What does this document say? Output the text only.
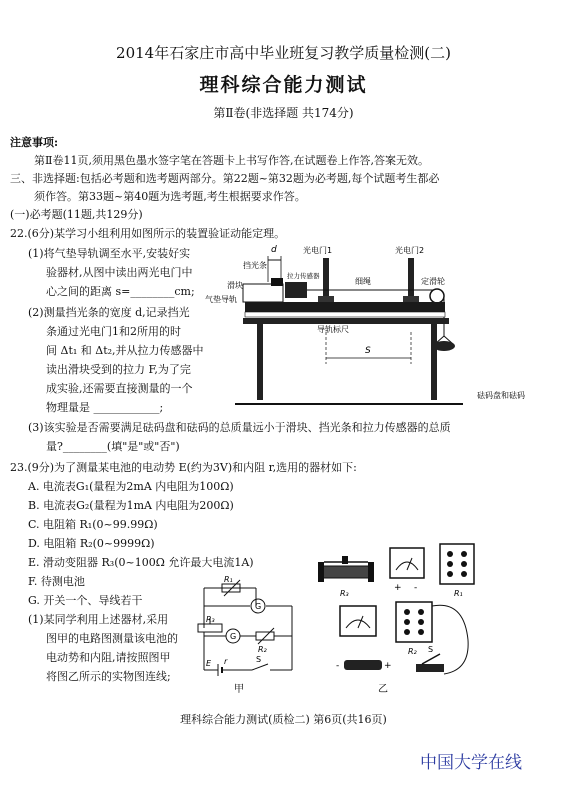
2014年石家庄市高中毕业班复习教学质量检测(二)
理科综合能力测试
第Ⅱ卷(非选择题 共174分)
注意事项:
第Ⅱ卷11页,须用黑色墨水签字笔在答题卡上书写作答,在试题卷上作答,答案无效。
三、非选择题:包括必考题和选考题两部分。第22题~第32题为必考题,每个试题考生都必
须作答。第33题~第40题为选考题,考生根据要求作答。
(一)必考题(11题,共129分)
22.(6分)某学习小组利用如图所示的装置验证动能定理。
(1)将气垫导轨调至水平,安装好实
验器材,从图中读出两光电门中
心之间的距离 s=________cm;
(2)测量挡光条的宽度 d,记录挡光
条通过光电门1和2所用的时
间 Δt₁ 和 Δt₂,并从拉力传感器中
读出滑块受到的拉力 F,为了完
成实验,还需要直接测量的一个
物理量是 ____________;
(3)该实验是否需要满足砝码盘和砝码的总质量远小于滑块、挡光条和拉力传感器的总质
量?________(填"是"或"否")
d	光电门1	光电门2
挡光条
拉力传感器
滑块
气垫导轨
细绳	定滑轮
砝码盘和砝码
导轨标尺
S
23.(9分)为了测量某电池的电动势 E(约为3V)和内阻 r,选用的器材如下:
A. 电流表G₁(量程为2mA 内电阻为100Ω)
B. 电流表G₂(量程为1mA 内电阻为200Ω)
C. 电阻箱 R₁(0~99.99Ω)
D. 电阻箱 R₂(0~9999Ω)
E. 滑动变阻器 R₃(0~100Ω 允许最大电流1A)
F. 待测电池
G. 开关一个、导线若干
(1)某同学利用上述器材,采用
图甲的电路图测量该电池的
电动势和内阻,请按照图甲
将图乙所示的实物图连线;
R₁
G
R₃
G
R₂
E r	S
甲
R₃
+ -
R₁
R₂
-	+
S
乙
理科综合能力测试(质检二) 第6页(共16页)
中国大学在线
